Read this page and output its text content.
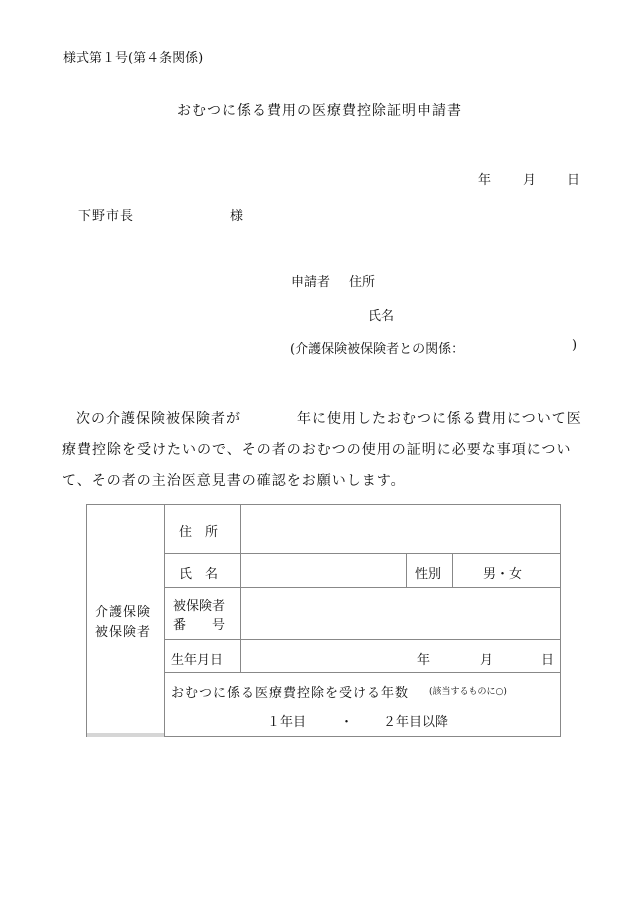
様式第１号(第４条関係)
おむつに係る費用の医療費控除証明申請書
年 月 日
下野市長	様
申請者 住所
氏名
(介護保険被保険者との関係：	)
次の介護保険被保険者が	年に使用したおむつに係る費用について医療費控除を受けたいので、その者のおむつの使用の証明に必要な事項について、その者の主治医意見書の確認をお願いします。
介護保険
被保険者
住　所
氏　名	性別	男・女
被保険者
番　　号
生年月日	年	月	日
おむつに係る医療費控除を受ける年数 (該当するものに○)
１年目	・ ２年目以降
